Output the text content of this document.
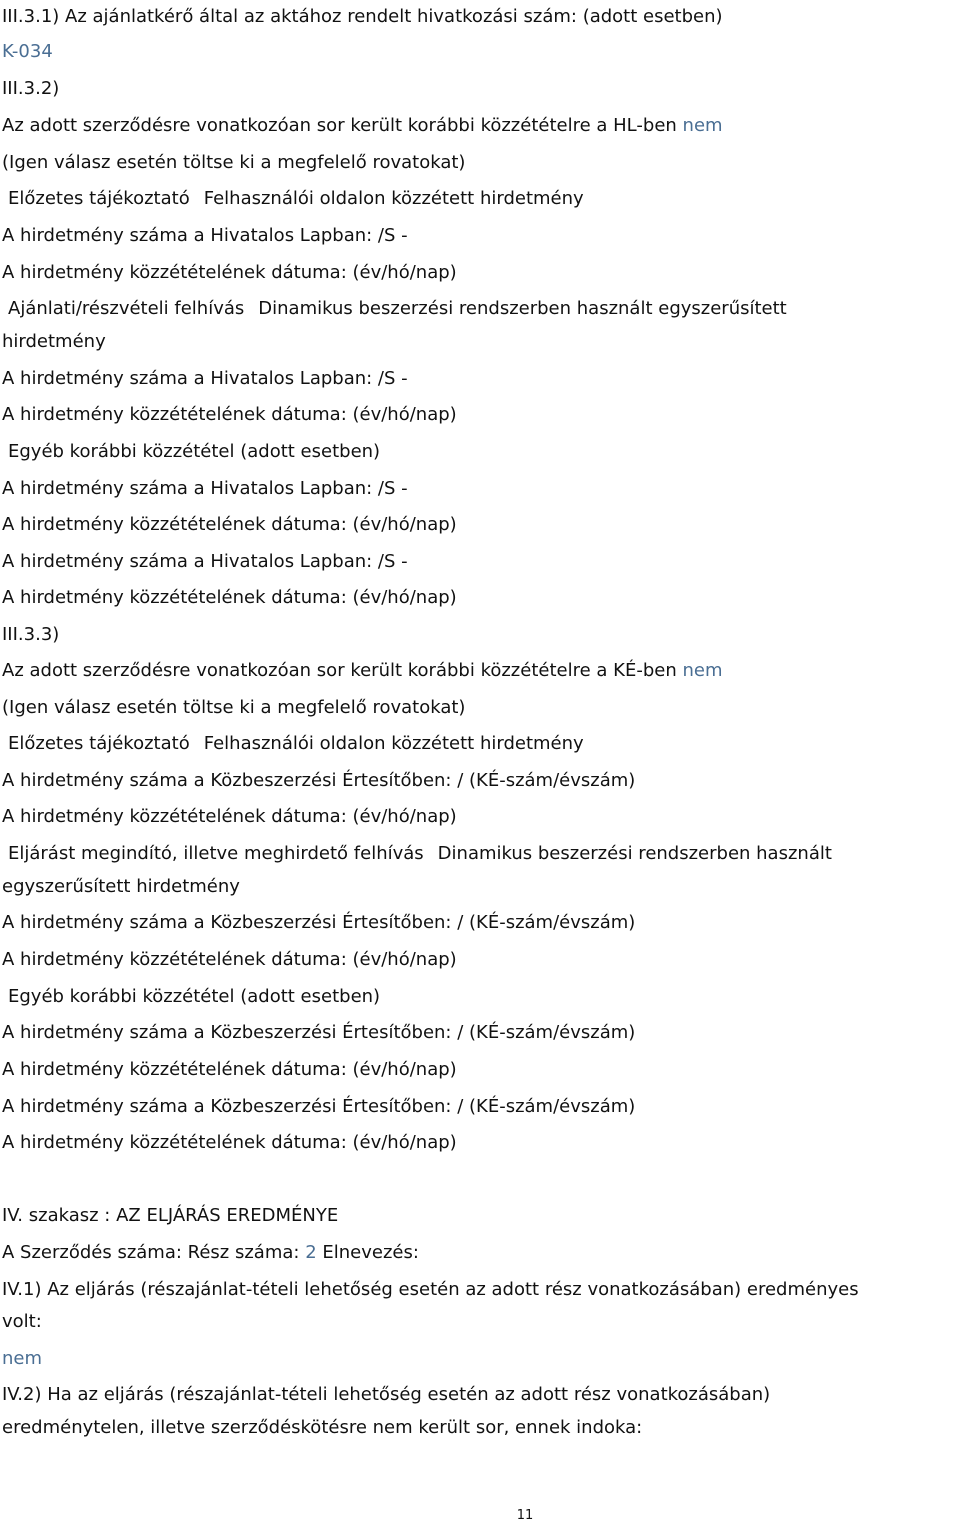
III.3.1) Az ajánlatkérő által az aktához rendelt hivatkozási szám: (adott esetben)
K-034
III.3.2)
Az adott szerződésre vonatkozóan sor került korábbi közzétételre a HL-ben nem
(Igen válasz esetén töltse ki a megfelelő rovatokat)
Előzetes tájékoztató Felhasználói oldalon közzétett hirdetmény
A hirdetmény száma a Hivatalos Lapban: /S -
A hirdetmény közzétételének dátuma: (év/hó/nap)
Ajánlati/részvételi felhívás Dinamikus beszerzési rendszerben használt egyszerűsített
hirdetmény
A hirdetmény száma a Hivatalos Lapban: /S -
A hirdetmény közzétételének dátuma: (év/hó/nap)
Egyéb korábbi közzététel (adott esetben)
A hirdetmény száma a Hivatalos Lapban: /S -
A hirdetmény közzétételének dátuma: (év/hó/nap)
A hirdetmény száma a Hivatalos Lapban: /S -
A hirdetmény közzétételének dátuma: (év/hó/nap)
III.3.3)
Az adott szerződésre vonatkozóan sor került korábbi közzétételre a KÉ-ben nem
(Igen válasz esetén töltse ki a megfelelő rovatokat)
Előzetes tájékoztató Felhasználói oldalon közzétett hirdetmény
A hirdetmény száma a Közbeszerzési Értesítőben: / (KÉ-szám/évszám)
A hirdetmény közzétételének dátuma: (év/hó/nap)
Eljárást megindító, illetve meghirdető felhívás Dinamikus beszerzési rendszerben használt
egyszerűsített hirdetmény
A hirdetmény száma a Közbeszerzési Értesítőben: / (KÉ-szám/évszám)
A hirdetmény közzétételének dátuma: (év/hó/nap)
Egyéb korábbi közzététel (adott esetben)
A hirdetmény száma a Közbeszerzési Értesítőben: / (KÉ-szám/évszám)
A hirdetmény közzétételének dátuma: (év/hó/nap)
A hirdetmény száma a Közbeszerzési Értesítőben: / (KÉ-szám/évszám)
A hirdetmény közzétételének dátuma: (év/hó/nap)
IV. szakasz : AZ ELJÁRÁS EREDMÉNYE
A Szerződés száma: Rész száma: 2 Elnevezés:
IV.1) Az eljárás (részajánlat-tételi lehetőség esetén az adott rész vonatkozásában) eredményes
volt:
nem
IV.2) Ha az eljárás (részajánlat-tételi lehetőség esetén az adott rész vonatkozásában)
eredménytelen, illetve szerződéskötésre nem került sor, ennek indoka:
11
